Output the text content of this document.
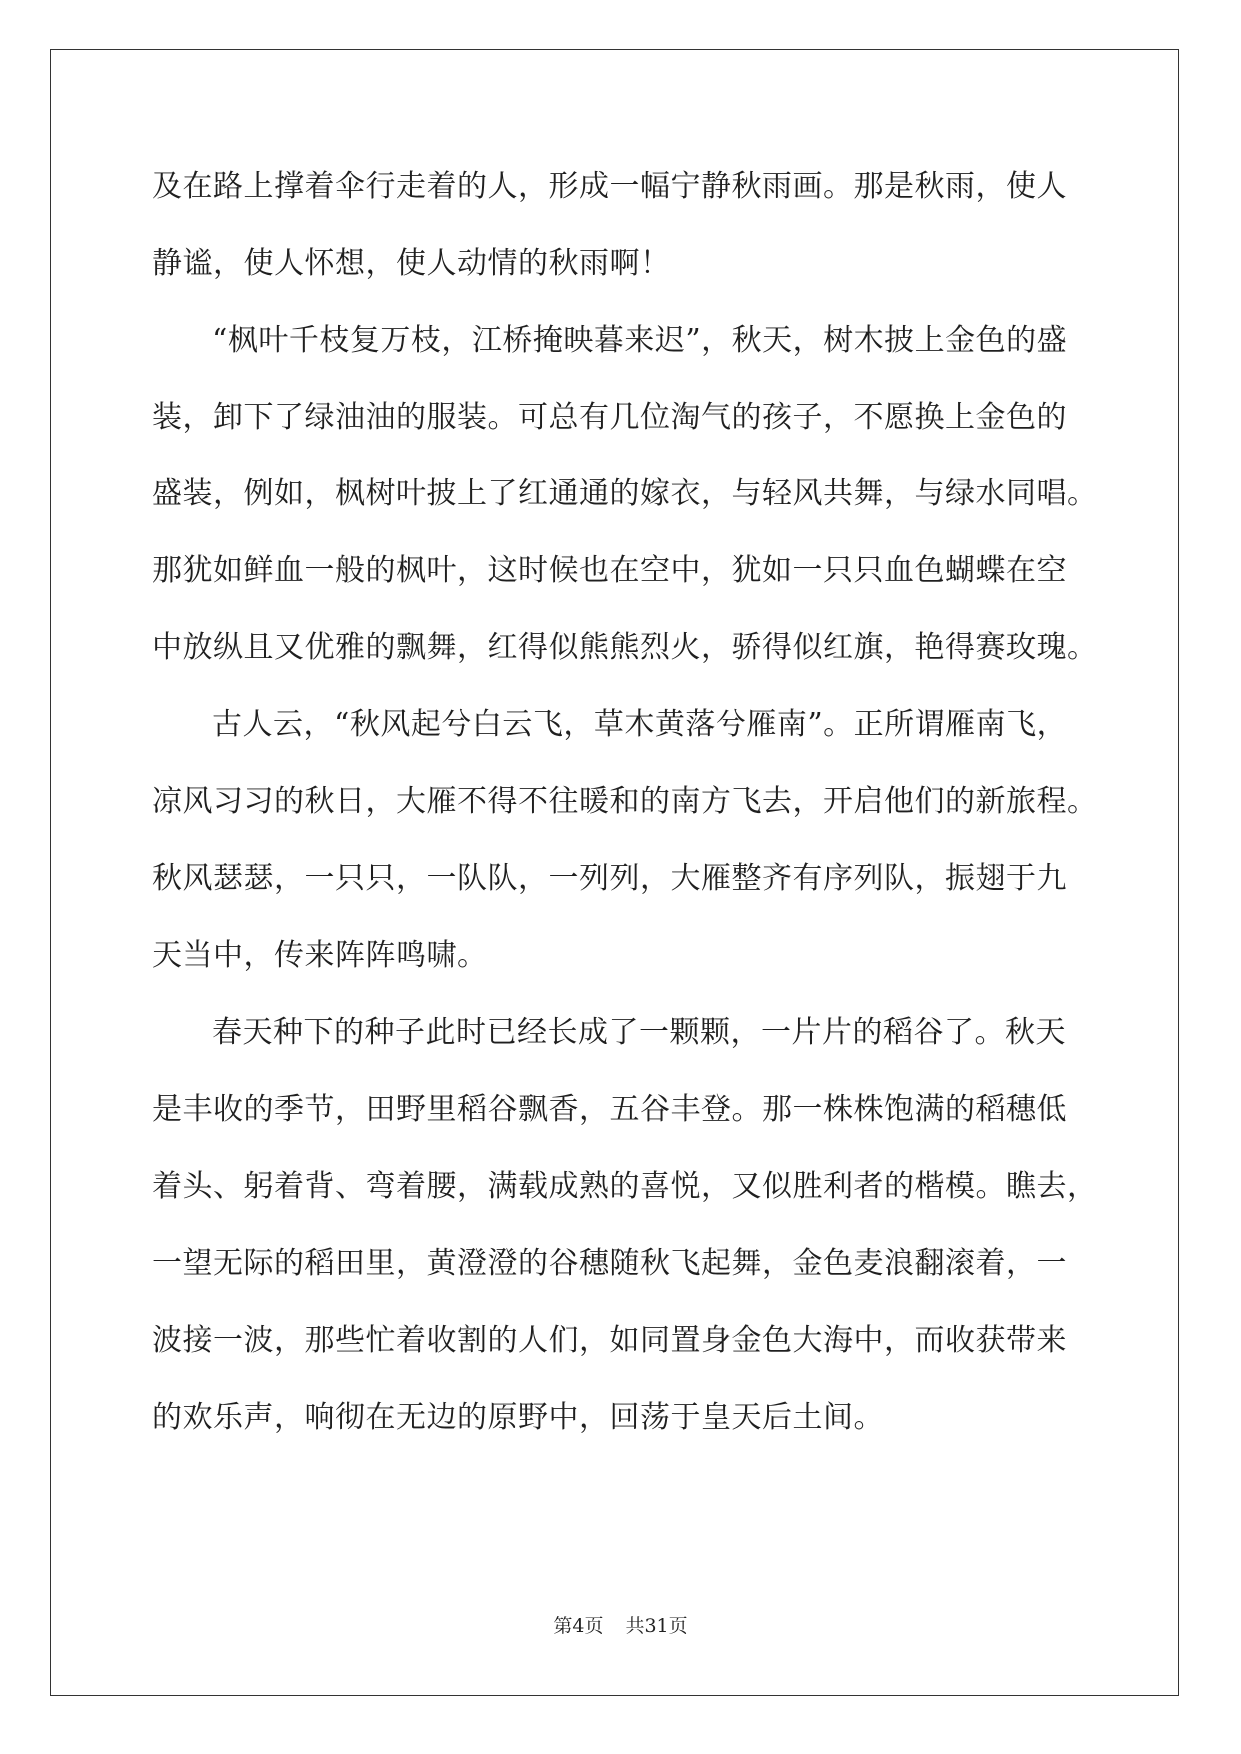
及在路上撑着伞行走着的人，形成一幅宁静秋雨画。那是秋雨，使人
静谧，使人怀想，使人动情的秋雨啊！
“枫叶千枝复万枝，江桥掩映暮来迟”，秋天，树木披上金色的盛
装，卸下了绿油油的服装。可总有几位淘气的孩子，不愿换上金色的
盛装，例如，枫树叶披上了红通通的嫁衣，与轻风共舞，与绿水同唱。
那犹如鲜血一般的枫叶，这时候也在空中，犹如一只只血色蝴蝶在空
中放纵且又优雅的飘舞，红得似熊熊烈火，骄得似红旗，艳得赛玫瑰。
古人云，“秋风起兮白云飞，草木黄落兮雁南”。正所谓雁南飞，
凉风习习的秋日，大雁不得不往暖和的南方飞去，开启他们的新旅程。
秋风瑟瑟，一只只，一队队，一列列，大雁整齐有序列队，振翅于九
天当中，传来阵阵鸣啸。
春天种下的种子此时已经长成了一颗颗，一片片的稻谷了。秋天
是丰收的季节，田野里稻谷飘香，五谷丰登。那一株株饱满的稻穗低
着头、躬着背、弯着腰，满载成熟的喜悦，又似胜利者的楷模。瞧去，
一望无际的稻田里，黄澄澄的谷穗随秋飞起舞，金色麦浪翻滚着，一
波接一波，那些忙着收割的人们，如同置身金色大海中，而收获带来
的欢乐声，响彻在无边的原野中，回荡于皇天后土间。
第4页 共31页
